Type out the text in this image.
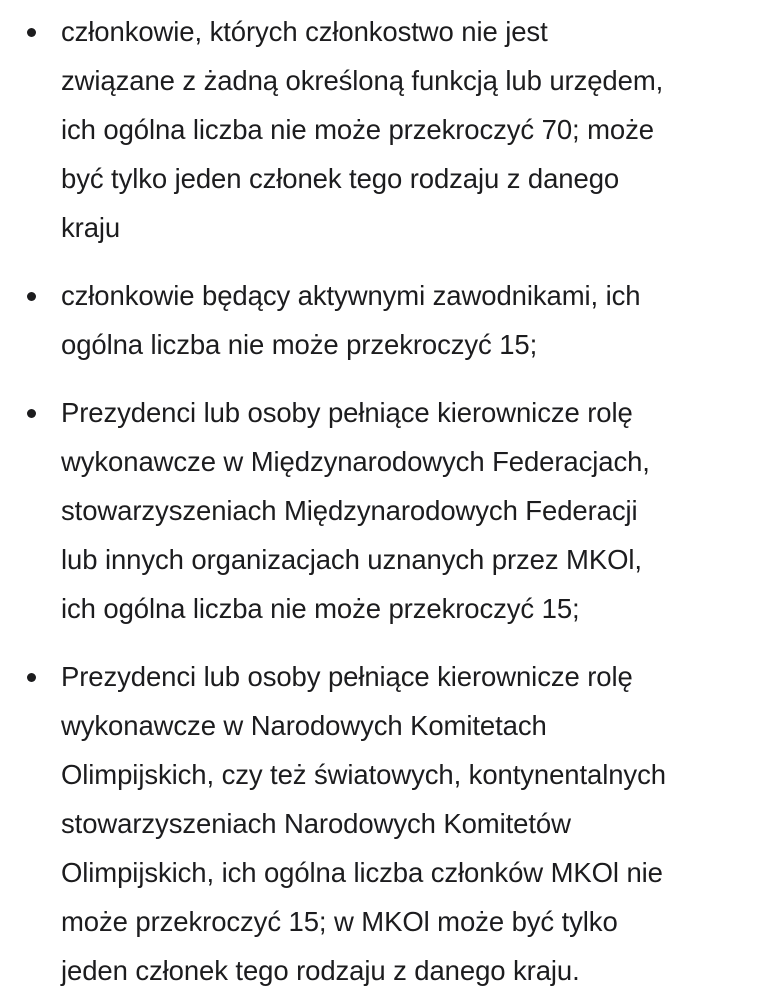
członkowie, których członkostwo nie jest
związane z żadną określoną funkcją lub urzędem,
ich ogólna liczba nie może przekroczyć 70; może
być tylko jeden członek tego rodzaju z danego
kraju
członkowie będący aktywnymi zawodnikami, ich
ogólna liczba nie może przekroczyć 15;
Prezydenci lub osoby pełniące kierownicze rolę
wykonawcze w Międzynarodowych Federacjach,
stowarzyszeniach Międzynarodowych Federacji
lub innych organizacjach uznanych przez MKOl,
ich ogólna liczba nie może przekroczyć 15;
Prezydenci lub osoby pełniące kierownicze rolę
wykonawcze w Narodowych Komitetach
Olimpijskich, czy też światowych, kontynentalnych
stowarzyszeniach Narodowych Komitetów
Olimpijskich, ich ogólna liczba członków MKOl nie
może przekroczyć 15; w MKOl może być tylko
jeden członek tego rodzaju z danego kraju.
